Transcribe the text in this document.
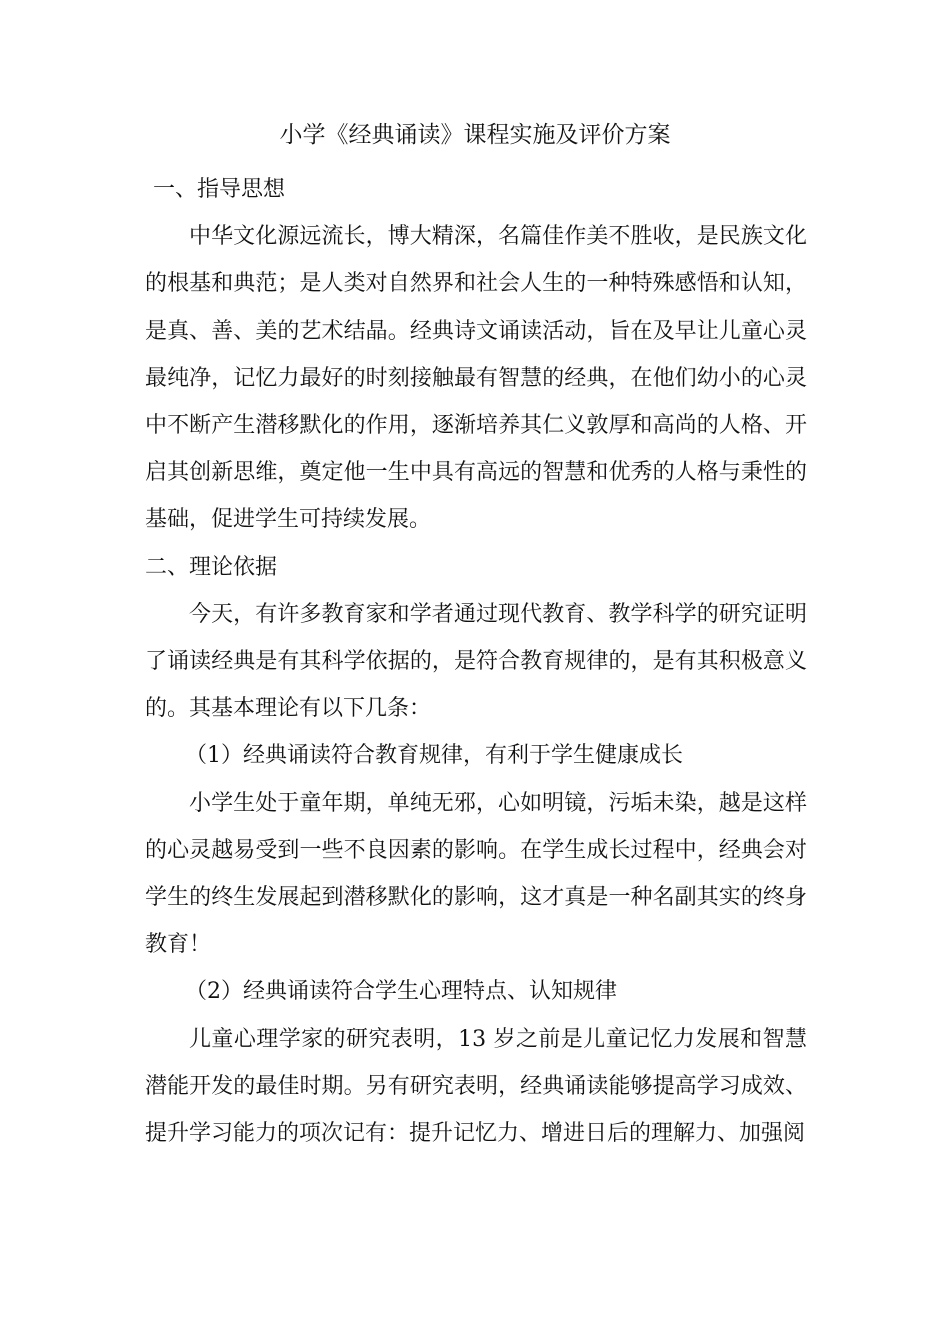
小学《经典诵读》课程实施及评价方案

一、指导思想

中华文化源远流长，博大精深，名篇佳作美不胜收，是民族文化的根基和典范；是人类对自然界和社会人生的一种特殊感悟和认知，是真、善、美的艺术结晶。经典诗文诵读活动，旨在及早让儿童心灵最纯净，记忆力最好的时刻接触最有智慧的经典，在他们幼小的心灵中不断产生潜移默化的作用，逐渐培养其仁义敦厚和高尚的人格、开启其创新思维，奠定他一生中具有高远的智慧和优秀的人格与秉性的基础，促进学生可持续发展。

二、理论依据

今天，有许多教育家和学者通过现代教育、教学科学的研究证明了诵读经典是有其科学依据的，是符合教育规律的，是有其积极意义的。其基本理论有以下几条：

（1）经典诵读符合教育规律，有利于学生健康成长

小学生处于童年期，单纯无邪，心如明镜，污垢未染，越是这样的心灵越易受到一些不良因素的影响。在学生成长过程中，经典会对学生的终生发展起到潜移默化的影响，这才真是一种名副其实的终身教育！

（2）经典诵读符合学生心理特点、认知规律

儿童心理学家的研究表明，13 岁之前是儿童记忆力发展和智慧潜能开发的最佳时期。另有研究表明，经典诵读能够提高学习成效、提升学习能力的项次记有：提升记忆力、增进日后的理解力、加强阅
